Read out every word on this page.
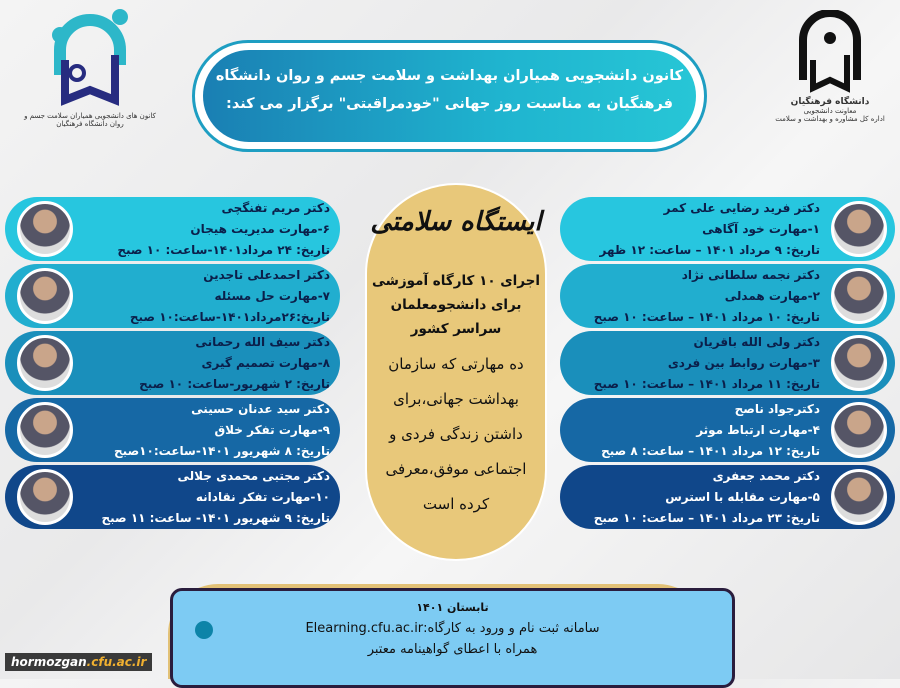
کانون های دانشجویی همیاران سلامت جسم و روان دانشگاه فرهنگیان
دانشگاه فرهنگیان
معاونت دانشجویی
اداره کل مشاوره و بهداشت و سلامت
کانون دانشجویی همیاران بهداشت و سلامت جسم و روان دانشگاه
فرهنگیان به مناسبت روز جهانی "خودمراقبتی" برگزار می کند:
دکتر فرید رضایی علی کمر
۱-مهارت خود آگاهی
تاریخ: ۹ مرداد ۱۴۰۱ – ساعت: ۱۲ ظهر
دکتر نجمه سلطانی نژاد
۲-مهارت همدلی
تاریخ: ۱۰ مرداد ۱۴۰۱ – ساعت: ۱۰ صبح
دکتر ولی الله باقریان
۳-مهارت روابط بین فردی
تاریخ: ۱۱ مرداد ۱۴۰۱ – ساعت: ۱۰ صبح
دکترجواد ناصح
۴-مهارت ارتباط موثر
تاریخ: ۱۲ مرداد ۱۴۰۱ – ساعت: ۸ صبح
دکتر محمد جعفری
۵-مهارت مقابله با استرس
تاریخ: ۲۳ مرداد ۱۴۰۱ – ساعت: ۱۰ صبح
دکتر مریم تفنگچی
۶-مهارت مدیریت هیجان
تاریخ: ۲۴ مرداد۱۴۰۱-ساعت: ۱۰ صبح
دکتر احمدعلی تاجدین
۷-مهارت حل مسئله
تاریخ:۲۶مرداد۱۴۰۱-ساعت:۱۰ صبح
دکتر سیف الله رحمانی
۸-مهارت تصمیم گیری
تاریخ: ۲ شهریور-ساعت: ۱۰ صبح
دکتر سید عدنان حسینی
۹-مهارت تفکر خلاق
تاریخ: ۸ شهریور ۱۴۰۱-ساعت:۱۰صبح
دکتر مجتبی محمدی جلالی
۱۰-مهارت تفکر نقادانه
تاریخ: ۹ شهریور ۱۴۰۱- ساعت: ۱۱ صبح
ایستگاه سلامتی
اجرای ۱۰ کارگاه آموزشی
برای دانشجومعلمان
سراسر کشور
ده مهارتی که سازمان
بهداشت جهانی،برای
داشتن زندگی فردی و
اجتماعی موفق،معرفی
کرده است
تابستان ۱۴۰۱
سامانه ثبت نام و ورود به کارگاه:Elearning.cfu.ac.ir
همراه با اعطای گواهینامه معتبر
hormozgan.cfu.ac.ir
